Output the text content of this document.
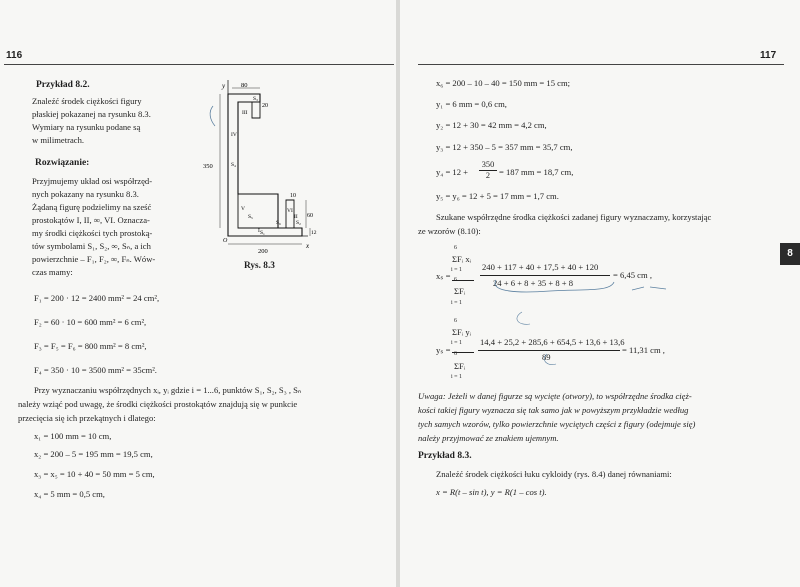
116
Przykład 8.2.
Znaleźć środek ciężkości figury
płaskiej pokazanej na rysunku 8.3.
Wymiary na rysunku podane są
w milimetrach.
Rozwiązanie:
Przyjmujemy układ osi współrzęd-
nych pokazany na rysunku 8.3.
Żądaną figurę podzielimy na sześć
prostokątów I, II, ∞, VI. Oznacza-
my środki ciężkości tych prostoką-
tów symbolami S₁, S₂, ∞, Sₙ, a ich
powierzchnie – F₁, F₂, ∞, Fₙ. Wów-
czas mamy:
y
x
80
20
10
60
200
350
12
III
IV
V	VI
I
II
S₁
S₂
S₃
S₄
S₅
S₆
O
Rys. 8.3
F₁ = 200 · 12 = 2400 mm² = 24 cm²,
F₂ = 60 · 10 = 600 mm² = 6 cm²,
F₃ = F₅ = F₆ = 800 mm² = 8 cm²,
F₄ = 350 · 10 = 3500 mm² = 35cm².
Przy wyznaczaniu współrzędnych xᵢ, yᵢ gdzie i = 1...6, punktów S₁, S₂, S₃ , Sₙ
należy wziąć pod uwagę, że środki ciężkości prostokątów znajdują się w punkcie
przecięcia się ich przekątnych i dlatego:
x₁ = 100 mm = 10 cm,
x₂ = 200 – 5 = 195 mm = 19,5 cm,
x₃ = x₅ = 10 + 40 = 50 mm = 5 cm,
x₄ = 5 mm = 0,5 cm,
117
x₆ = 200 – 10 – 40 = 150 mm = 15 cm;
y₁ = 6 mm = 0,6 cm,
y₂ = 12 + 30 = 42 mm = 4,2 cm,
y₃ = 12 + 350 – 5 = 357 mm = 35,7 cm,
$y_4 = 12 + \frac{350}{2} = 187$ mm = 18,7 cm,
y₅ = y₆ = 12 + 5 = 17 mm = 1,7 cm.
Szukane współrzędne środka ciężkości zadanej figury wyznaczamy, korzystając
ze wzorów (8.10):
6
ΣFᵢ xᵢ
i = 1
xₛ = 6
ΣFᵢ
i = 1
240 + 117 + 40 + 17,5 + 40 + 120
24 + 6 + 8 + 35 + 8 + 8
= 6,45 cm ,
6
ΣFᵢ yᵢ
i = 1
yₛ = 6
ΣFᵢ
i = 1
14,4 + 25,2 + 285,6 + 654,5 + 13,6 + 13,6
89
= 11,31 cm ,
Uwaga: Jeżeli w danej figurze są wycięte (otwory), to współrzędne środka cięż-
kości takiej figury wyznacza się tak samo jak w powyższym przykładzie według
tych samych wzorów, tylko powierzchnie wyciętych części z figury (odejmuje się)
należy przyjmować ze znakiem ujemnym.
Przykład 8.3.
Znaleźć środek ciężkości łuku cykloidy (rys. 8.4) danej równaniami:
x = R(t – sin t), y = R(1 – cos t).
8
